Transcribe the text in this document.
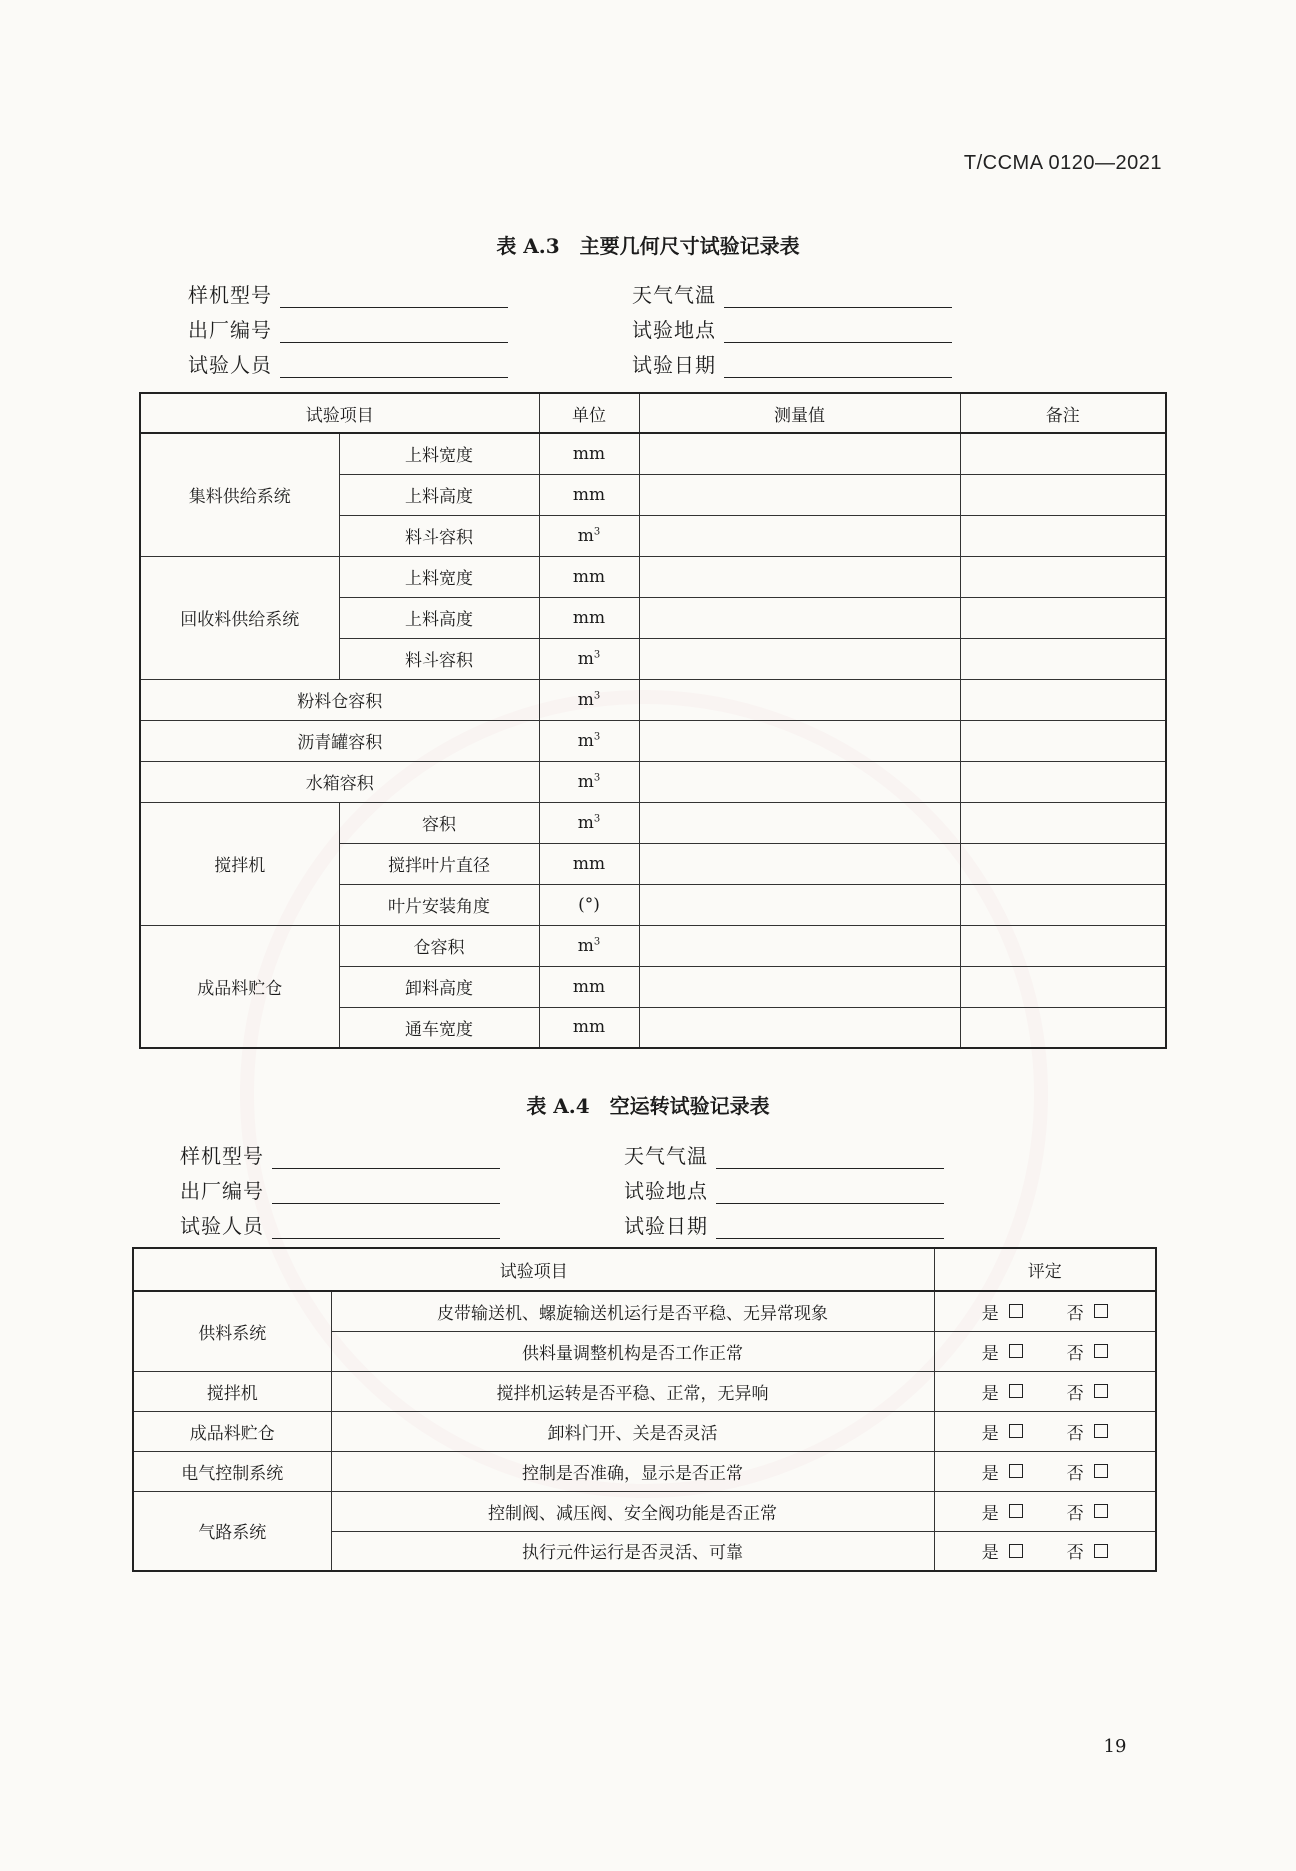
T/CCMA 0120—2021
表 A.3 主要几何尺寸试验记录表
样机型号	天气气温
出厂编号	试验地点
试验人员	试验日期
试验项目		单位	测量值	备注
集料供给系统	上料宽度	mm		
	上料高度	mm		
	料斗容积	$m^3$		
回收料供给系统	上料宽度	mm		
	上料高度	mm		
	料斗容积	$m^3$		
粉料仓容积		$m^3$		
沥青罐容积		$m^3$		
水箱容积		$m^3$		
搅拌机	容积	$m^3$		
	搅拌叶片直径	mm		
	叶片安装角度	(°)		
成品料贮仓	仓容积	$m^3$		
	卸料高度	mm		
	通车宽度	mm		
表 A.4 空运转试验记录表
样机型号	天气气温
出厂编号	试验地点
试验人员	试验日期
试验项目		评定
供料系统	皮带输送机、螺旋输送机运行是否平稳、无异常现象	是 否

	供料量调整机构是否工作正常	是 否

搅拌机	搅拌机运转是否平稳、正常，无异响	是 否

成品料贮仓	卸料门开、关是否灵活	是 否

电气控制系统	控制是否准确，显示是否正常	是 否

气路系统	控制阀、减压阀、安全阀功能是否正常	是 否

	执行元件运行是否灵活、可靠	是 否
19
